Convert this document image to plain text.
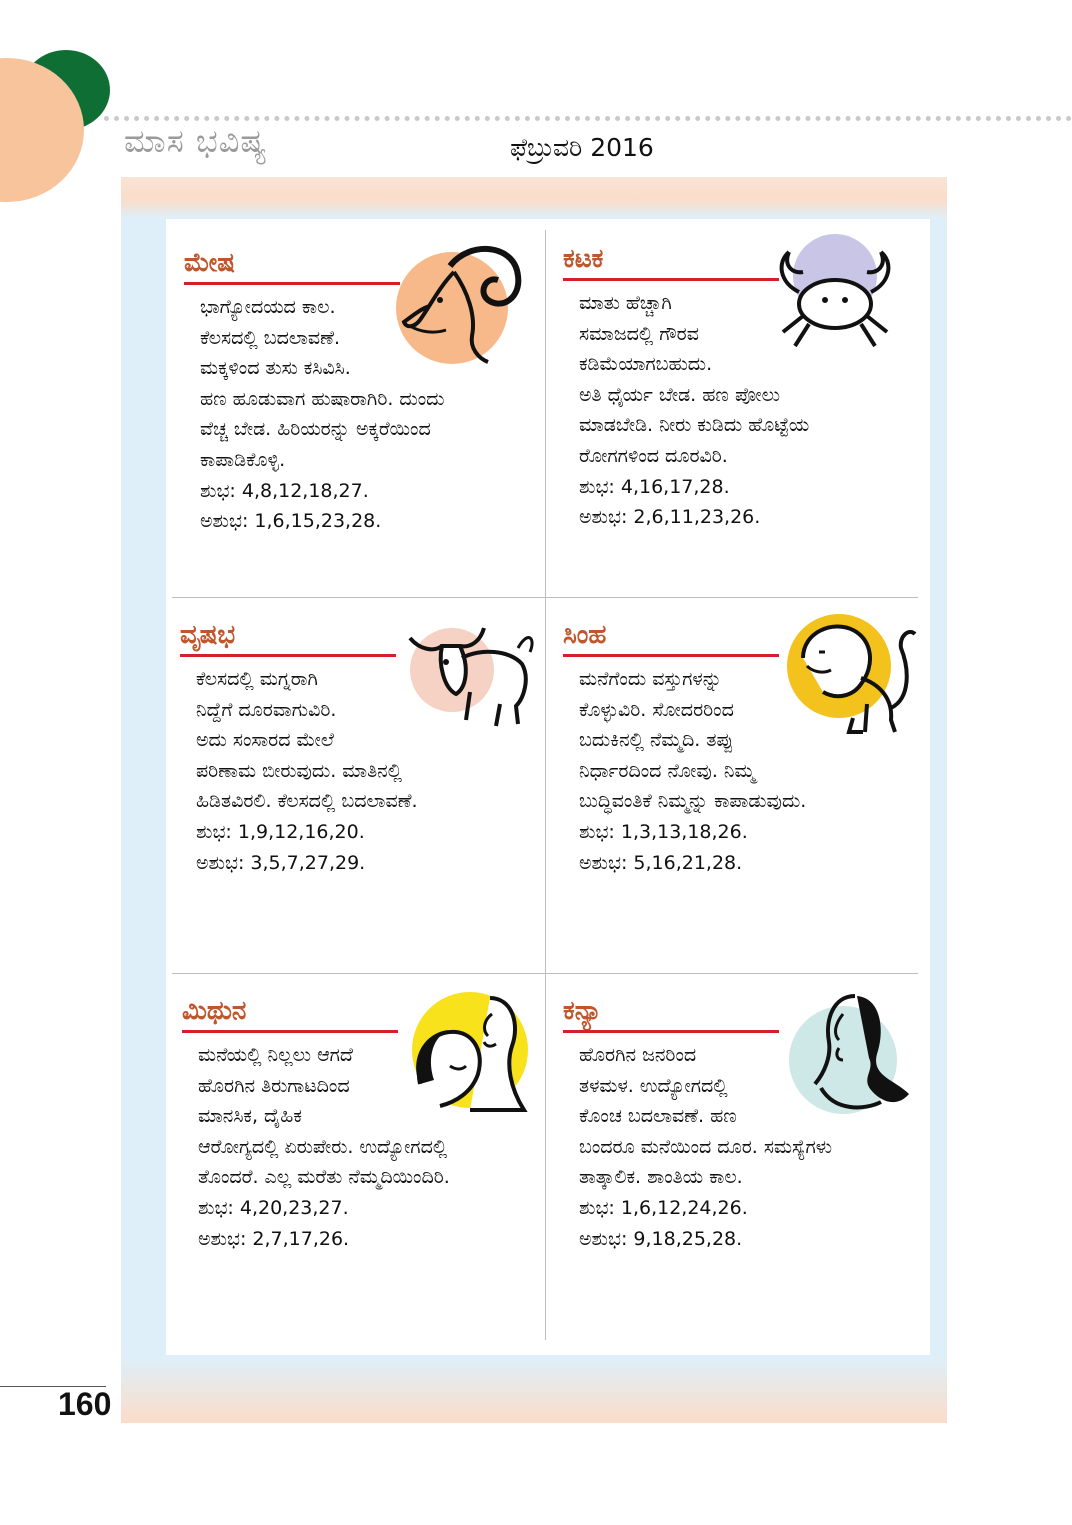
ಮಾಸ ಭವಿಷ್ಯ	ಫೆಬ್ರುವರಿ 2016
ಮೇಷ

ಭಾಗ್ಯೋದಯದ ಕಾಲ.

ಕೆಲಸದಲ್ಲಿ ಬದಲಾವಣೆ.

ಮಕ್ಕಳಿಂದ ತುಸು ಕಸಿವಿಸಿ.

ಹಣ ಹೂಡುವಾಗ ಹುಷಾರಾಗಿರಿ. ದುಂದು

ವೆಚ್ಚ ಬೇಡ. ಹಿರಿಯರನ್ನು ಅಕ್ಕರೆಯಿಂದ

ಕಾಪಾಡಿಕೊಳ್ಳಿ.

ಶುಭ: 4,8,12,18,27.

ಅಶುಭ: 1,6,15,23,28.

ಕಟಕ

ಮಾತು ಹೆಚ್ಚಾಗಿ

ಸಮಾಜದಲ್ಲಿ ಗೌರವ

ಕಡಿಮೆಯಾಗಬಹುದು.

ಅತಿ ಧೈರ್ಯ ಬೇಡ. ಹಣ ಪೋಲು

ಮಾಡಬೇಡಿ. ನೀರು ಕುಡಿದು ಹೊಟ್ಟೆಯ

ರೋಗಗಳಿಂದ ದೂರವಿರಿ.

ಶುಭ: 4,16,17,28.

ಅಶುಭ: 2,6,11,23,26.

ವೃಷಭ

ಕೆಲಸದಲ್ಲಿ ಮಗ್ನರಾಗಿ

ನಿದ್ದೆಗೆ ದೂರವಾಗುವಿರಿ.

ಅದು ಸಂಸಾರದ ಮೇಲೆ

ಪರಿಣಾಮ ಬೀರುವುದು. ಮಾತಿನಲ್ಲಿ

ಹಿಡಿತವಿರಲಿ. ಕೆಲಸದಲ್ಲಿ ಬದಲಾವಣೆ.

ಶುಭ: 1,9,12,16,20.

ಅಶುಭ: 3,5,7,27,29.

ಸಿಂಹ

ಮನೆಗೆಂದು ವಸ್ತುಗಳನ್ನು

ಕೊಳ್ಳುವಿರಿ. ಸೋದರರಿಂದ

ಬದುಕಿನಲ್ಲಿ ನೆಮ್ಮದಿ. ತಪ್ಪು

ನಿರ್ಧಾರದಿಂದ ನೋವು. ನಿಮ್ಮ

ಬುದ್ಧಿವಂತಿಕೆ ನಿಮ್ಮನ್ನು ಕಾಪಾಡುವುದು.

ಶುಭ: 1,3,13,18,26.

ಅಶುಭ: 5,16,21,28.

ಮಿಥುನ

ಮನೆಯಲ್ಲಿ ನಿಲ್ಲಲು ಆಗದೆ

ಹೊರಗಿನ ತಿರುಗಾಟದಿಂದ

ಮಾನಸಿಕ, ದೈಹಿಕ

ಆರೋಗ್ಯದಲ್ಲಿ ಏರುಪೇರು. ಉದ್ಯೋಗದಲ್ಲಿ

ತೊಂದರೆ. ಎಲ್ಲ ಮರೆತು ನೆಮ್ಮದಿಯಿಂದಿರಿ.

ಶುಭ: 4,20,23,27.

ಅಶುಭ: 2,7,17,26.

ಕನ್ಯಾ

ಹೊರಗಿನ ಜನರಿಂದ

ತಳಮಳ. ಉದ್ಯೋಗದಲ್ಲಿ

ಕೊಂಚ ಬದಲಾವಣೆ. ಹಣ

ಬಂದರೂ ಮನೆಯಿಂದ ದೂರ. ಸಮಸ್ಯೆಗಳು

ತಾತ್ಕಾಲಿಕ. ಶಾಂತಿಯ ಕಾಲ.

ಶುಭ: 1,6,12,24,26.

ಅಶುಭ: 9,18,25,28.

160
